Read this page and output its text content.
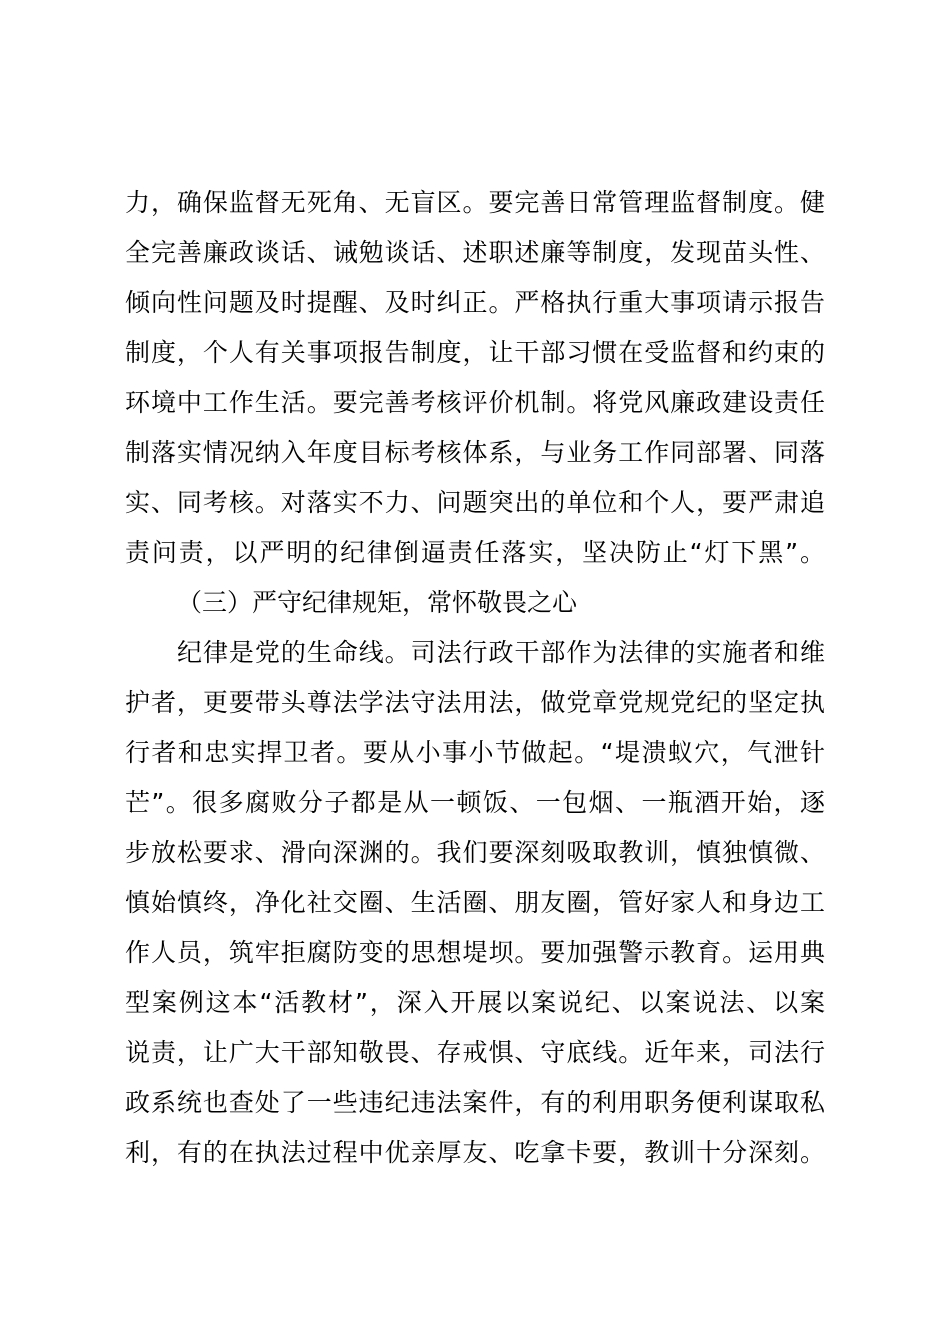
力，确保监督无死角、无盲区。要完善日常管理监督制度。健
全完善廉政谈话、诫勉谈话、述职述廉等制度，发现苗头性、
倾向性问题及时提醒、及时纠正。严格执行重大事项请示报告
制度，个人有关事项报告制度，让干部习惯在受监督和约束的
环境中工作生活。要完善考核评价机制。将党风廉政建设责任
制落实情况纳入年度目标考核体系，与业务工作同部署、同落
实、同考核。对落实不力、问题突出的单位和个人，要严肃追
责问责，以严明的纪律倒逼责任落实，坚决防止“灯下黑”。
（三）严守纪律规矩，常怀敬畏之心
纪律是党的生命线。司法行政干部作为法律的实施者和维
护者，更要带头尊法学法守法用法，做党章党规党纪的坚定执
行者和忠实捍卫者。要从小事小节做起。“堤溃蚁穴，气泄针
芒”。很多腐败分子都是从一顿饭、一包烟、一瓶酒开始，逐
步放松要求、滑向深渊的。我们要深刻吸取教训，慎独慎微、
慎始慎终，净化社交圈、生活圈、朋友圈，管好家人和身边工
作人员，筑牢拒腐防变的思想堤坝。要加强警示教育。运用典
型案例这本“活教材”，深入开展以案说纪、以案说法、以案
说责，让广大干部知敬畏、存戒惧、守底线。近年来，司法行
政系统也查处了一些违纪违法案件，有的利用职务便利谋取私
利，有的在执法过程中优亲厚友、吃拿卡要，教训十分深刻。
